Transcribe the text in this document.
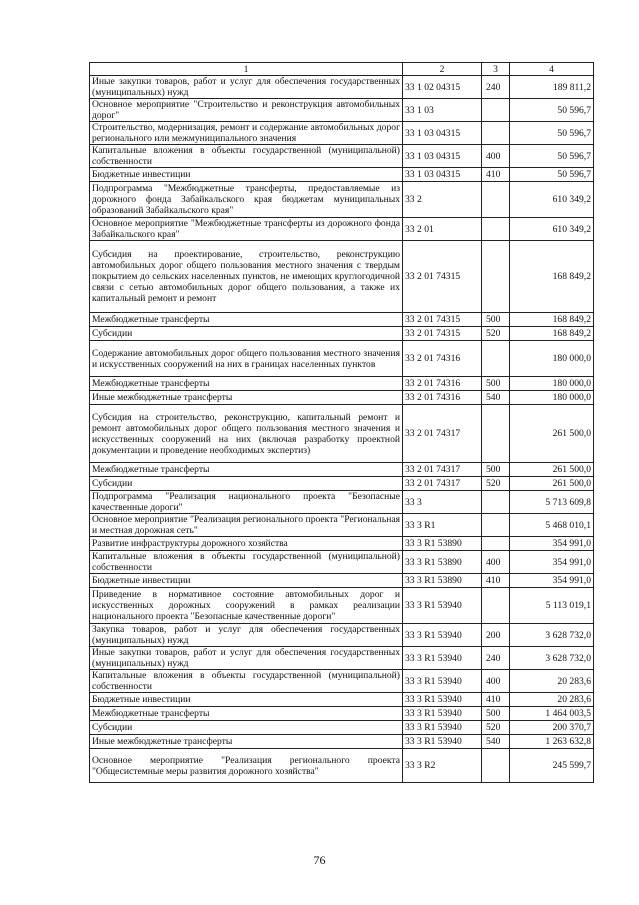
1	2	3	4
Иные закупки товаров, работ и услуг для обеспечения государственных (муниципальных) нужд	33 1 02 04315	240	189 811,2
Основное мероприятие "Строительство и реконструкция автомобильных дорог"	33 1 03		50 596,7
Строительство, модернизация, ремонт и содержание автомобильных дорог регионального или межмуниципального значения	33 1 03 04315		50 596,7
Капитальные вложения в объекты государственной (муниципальной) собственности	33 1 03 04315	400	50 596,7
Бюджетные инвестиции	33 1 03 04315	410	50 596,7
Подпрограмма "Межбюджетные трансферты, предоставляемые из дорожного фонда Забайкальского края бюджетам муниципальных образований Забайкальского края"	33 2		610 349,2
Основное мероприятие "Межбюджетные трансферты из дорожного фонда Забайкальского края"	33 2 01		610 349,2
Субсидия на проектирование, строительство, реконструкцию автомобильных дорог общего пользования местного значения с твердым покрытием до сельских населенных пунктов, не имеющих круглогодичной связи с сетью автомобильных дорог общего пользования, а также их капитальный ремонт и ремонт	33 2 01 74315		168 849,2
Межбюджетные трансферты	33 2 01 74315	500	168 849,2
Субсидии	33 2 01 74315	520	168 849,2
Содержание автомобильных дорог общего пользования местного значения и искусственных сооружений на них в границах населенных пунктов	33 2 01 74316		180 000,0
Межбюджетные трансферты	33 2 01 74316	500	180 000,0
Иные межбюджетные трансферты	33 2 01 74316	540	180 000,0
Субсидия на строительство, реконструкцию, капитальный ремонт и ремонт автомобильных дорог общего пользования местного значения и искусственных сооружений на них (включая разработку проектной документации и проведение необходимых экспертиз)	33 2 01 74317		261 500,0
Межбюджетные трансферты	33 2 01 74317	500	261 500,0
Субсидии	33 2 01 74317	520	261 500,0
Подпрограмма "Реализация национального проекта "Безопасные качественные дороги"	33 3		5 713 609,8
Основное мероприятие "Реализация регионального проекта "Региональная и местная дорожная сеть"	33 3 R1		5 468 010,1
Развитие инфраструктуры дорожного хозяйства	33 3 R1 53890		354 991,0
Капитальные вложения в объекты государственной (муниципальной) собственности	33 3 R1 53890	400	354 991,0
Бюджетные инвестиции	33 3 R1 53890	410	354 991,0
Приведение в нормативное состояние автомобильных дорог и искусственных дорожных сооружений в рамках реализации национального проекта "Безопасные качественные дороги"	33 3 R1 53940		5 113 019,1
Закупка товаров, работ и услуг для обеспечения государственных (муниципальных) нужд	33 3 R1 53940	200	3 628 732,0
Иные закупки товаров, работ и услуг для обеспечения государственных (муниципальных) нужд	33 3 R1 53940	240	3 628 732,0
Капитальные вложения в объекты государственной (муниципальной) собственности	33 3 R1 53940	400	20 283,6
Бюджетные инвестиции	33 3 R1 53940	410	20 283,6
Межбюджетные трансферты	33 3 R1 53940	500	1 464 003,5
Субсидии	33 3 R1 53940	520	200 370,7
Иные межбюджетные трансферты	33 3 R1 53940	540	1 263 632,8
Основное мероприятие "Реализация регионального проекта "Общесистемные меры развития дорожного хозяйства"	33 3 R2		245 599,7
76
